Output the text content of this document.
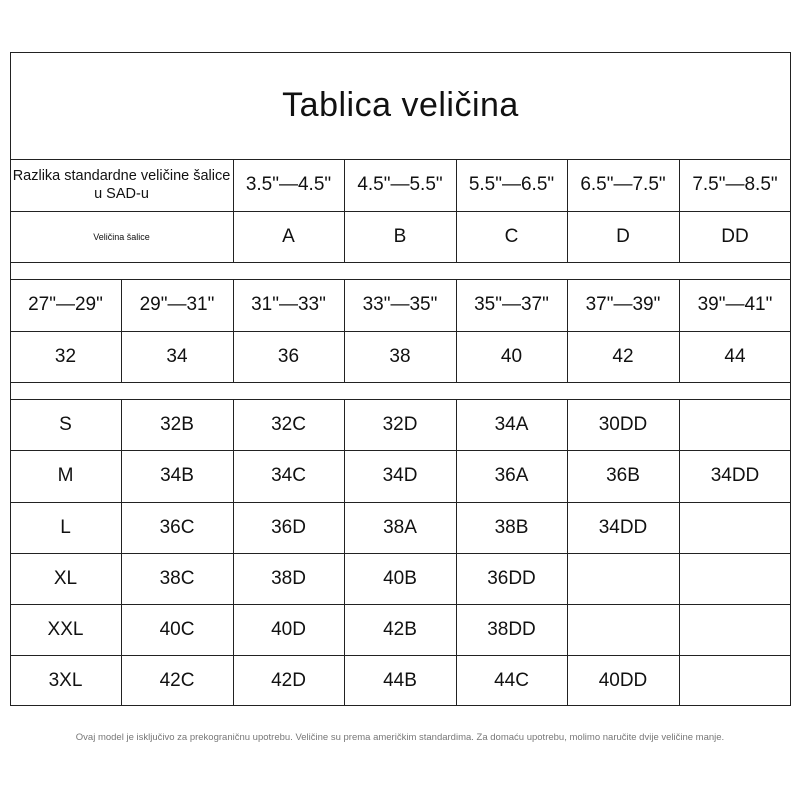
Tablica veličina
Razlika standardne veličine šalice u SAD-u	3.5"—4.5"	4.5"—5.5"	5.5"—6.5"	6.5"—7.5"	7.5"—8.5"
Veličina šalice	A	B	C	D	DD
27"—29"	29"—31"	31"—33"	33"—35"	35"—37"	37"—39"	39"—41"
32	34	36	38	40	42	44
S	32B	32C	32D	34A	30DD
M	34B	34C	34D	36A	36B	34DD
L	36C	36D	38A	38B	34DD
XL	38C	38D	40B	36DD
XXL	40C	40D	42B	38DD
3XL	42C	42D	44B	44C	40DD
Ovaj model je isključivo za prekograničnu upotrebu. Veličine su prema američkim standardima. Za domaću upotrebu, molimo naručite dvije veličine manje.
